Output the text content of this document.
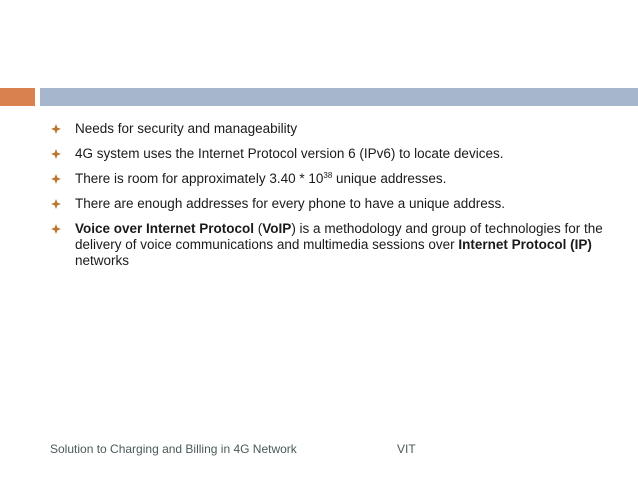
Needs for security and manageability
4G system uses the Internet Protocol version 6 (IPv6) to locate devices.
There is room for approximately $3.40 * 10^{38}$ unique addresses.
There are enough addresses for every phone to have a unique address.
Voice over Internet Protocol (VoIP) is a methodology and group of technologies for the delivery of voice communications and multimedia sessions over Internet Protocol (IP) networks
Solution to Charging and Billing in 4G Network	VIT
